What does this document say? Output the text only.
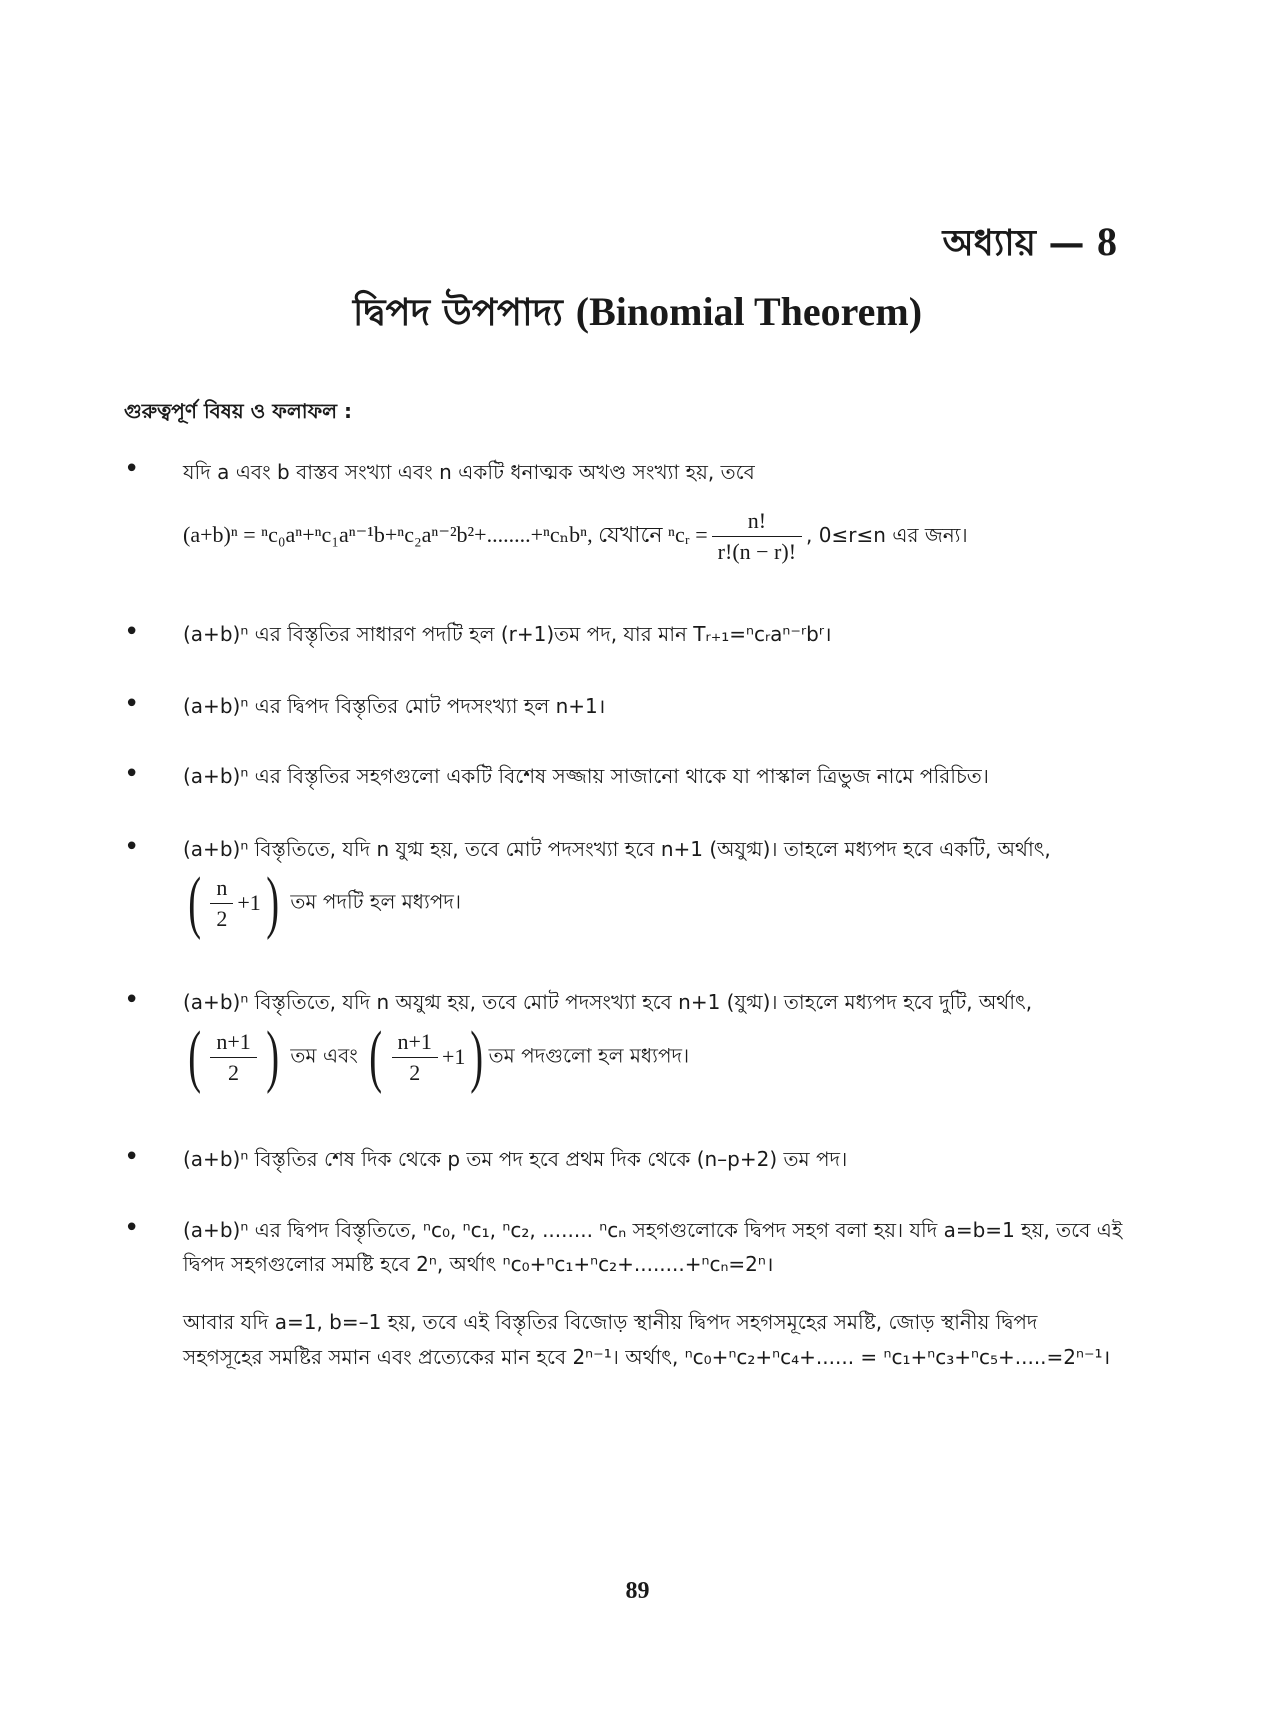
অধ্যায় — 8
দ্বিপদ উপপাদ্য (Binomial Theorem)
গুরুত্বপূর্ণ বিষয় ও ফলাফল :
• যদি a এবং b বাস্তব সংখ্যা এবং n একটি ধনাত্মক অখণ্ড সংখ্যা হয়, তবে
(a+b)ⁿ = ⁿc₀aⁿ+ⁿc₁aⁿ⁻¹b+ⁿc₂aⁿ⁻²b²+........+ⁿcₙbⁿ, যেখানে ⁿcᵣ = $\frac{n!}{r!(n - r)!}$ , 0≤r≤n এর জন্য।
• (a+b)ⁿ এর বিস্তৃতির সাধারণ পদটি হল (r+1)তম পদ, যার মান Tᵣ₊₁=ⁿcᵣaⁿ⁻ʳbʳ।
• (a+b)ⁿ এর দ্বিপদ বিস্তৃতির মোট পদসংখ্যা হল n+1।
• (a+b)ⁿ এর বিস্তৃতির সহগগুলো একটি বিশেষ সজ্জায় সাজানো থাকে যা পাস্কাল ত্রিভুজ নামে পরিচিত।
• (a+b)ⁿ বিস্তৃতিতে, যদি n যুগ্ম হয়, তবে মোট পদসংখ্যা হবে n+1 (অযুগ্ম)। তাহলে মধ্যপদ হবে একটি, অর্থাৎ,
( $\frac{n}{2} +1$ ) তম পদটি হল মধ্যপদ।
• (a+b)ⁿ বিস্তৃতিতে, যদি n অযুগ্ম হয়, তবে মোট পদসংখ্যা হবে n+1 (যুগ্ম)। তাহলে মধ্যপদ হবে দুটি, অর্থাৎ,
( $\frac{n+1}{2}$ ) তম এবং ( $\frac{n+1}{2} +1$ ) তম পদগুলো হল মধ্যপদ।
• (a+b)ⁿ বিস্তৃতির শেষ দিক থেকে p তম পদ হবে প্রথম দিক থেকে (n–p+2) তম পদ।
• (a+b)ⁿ এর দ্বিপদ বিস্তৃতিতে, ⁿc₀, ⁿc₁, ⁿc₂, ........ ⁿcₙ সহগগুলোকে দ্বিপদ সহগ বলা হয়। যদি a=b=1 হয়, তবে এই
দ্বিপদ সহগগুলোর সমষ্টি হবে 2ⁿ, অর্থাৎ ⁿc₀+ⁿc₁+ⁿc₂+........+ⁿcₙ=2ⁿ।
আবার যদি a=1, b=–1 হয়, তবে এই বিস্তৃতির বিজোড় স্থানীয় দ্বিপদ সহগসমূহের সমষ্টি, জোড় স্থানীয় দ্বিপদ
সহগসূহের সমষ্টির সমান এবং প্রত্যেকের মান হবে 2ⁿ⁻¹। অর্থাৎ, ⁿc₀+ⁿc₂+ⁿc₄+...... = ⁿc₁+ⁿc₃+ⁿc₅+.....=2ⁿ⁻¹।
89
